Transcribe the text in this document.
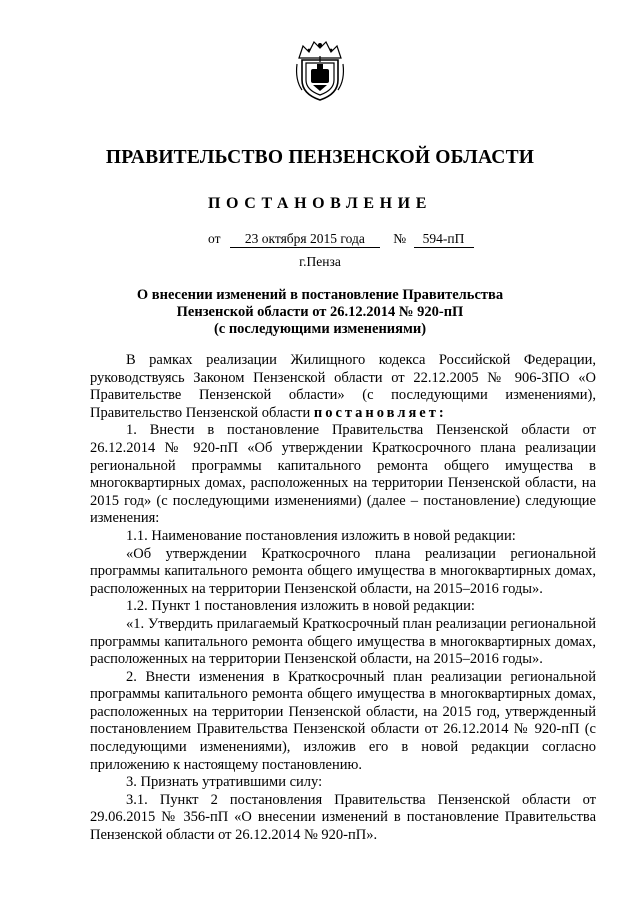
ПРАВИТЕЛЬСТВО ПЕНЗЕНСКОЙ ОБЛАСТИ
ПОСТАНОВЛЕНИЕ
от 23 октября 2015 года № 594-пП
г.Пенза
О внесении изменений в постановление Правительства
Пензенской области от 26.12.2014 № 920-пП
(с последующими изменениями)

В рамках реализации Жилищного кодекса Российской Федерации, руководствуясь Законом Пензенской области от 22.12.2005 № 906-ЗПО «О Правительстве Пензенской области» (с последующими изменениями), Правительство Пензенской области постановляет:

1. Внести в постановление Правительства Пензенской области от 26.12.2014 № 920-пП «Об утверждении Краткосрочного плана реализации региональной программы капитального ремонта общего имущества в многоквартирных домах, расположенных на территории Пензенской области, на 2015 год» (с последующими изменениями) (далее – постановление) следующие изменения:

1.1. Наименование постановления изложить в новой редакции:

«Об утверждении Краткосрочного плана реализации региональной программы капитального ремонта общего имущества в многоквартирных домах, расположенных на территории Пензенской области, на 2015–2016 годы».

1.2. Пункт 1 постановления изложить в новой редакции:

«1. Утвердить прилагаемый Краткосрочный план реализации региональной программы капитального ремонта общего имущества в многоквартирных домах, расположенных на территории Пензенской области, на 2015–2016 годы».

2. Внести изменения в Краткосрочный план реализации региональной программы капитального ремонта общего имущества в многоквартирных домах, расположенных на территории Пензенской области, на 2015 год, утвержденный постановлением Правительства Пензенской области от 26.12.2014 № 920-пП (с последующими изменениями), изложив его в новой редакции согласно приложению к настоящему постановлению.

3. Признать утратившими силу:

3.1. Пункт 2 постановления Правительства Пензенской области от 29.06.2015 № 356-пП «О внесении изменений в постановление Правительства Пензенской области от 26.12.2014 № 920-пП».
